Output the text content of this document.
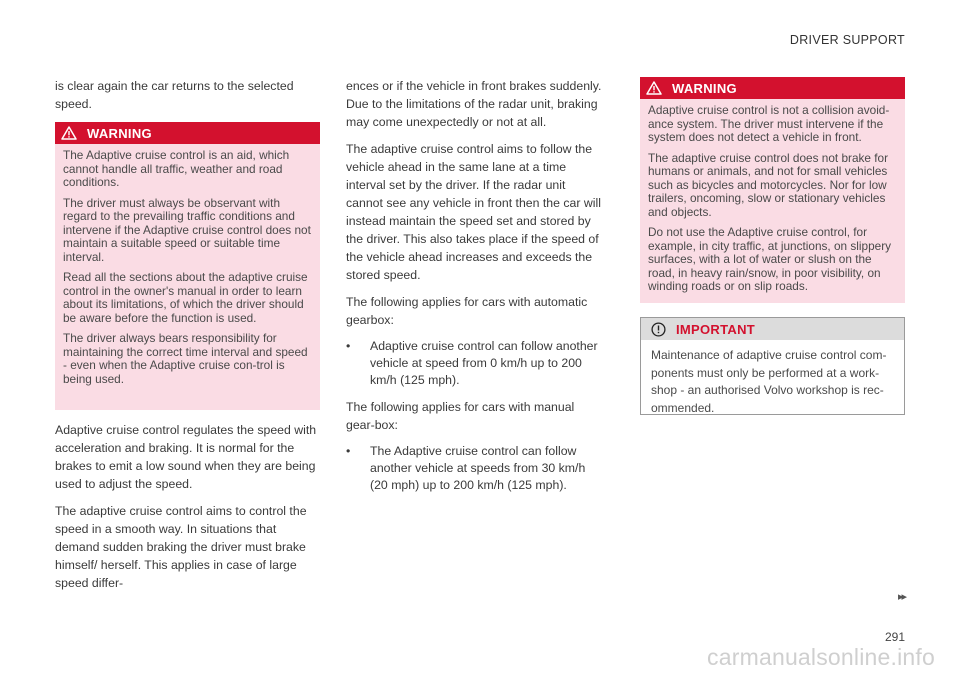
DRIVER SUPPORT

is clear again the car returns to the selected speed.

WARNING

The Adaptive cruise control is an aid, which cannot handle all traffic, weather and road conditions.

The driver must always be observant with regard to the prevailing traffic conditions and intervene if the Adaptive cruise control does not maintain a suitable speed or suitable time interval.

Read all the sections about the adaptive cruise control in the owner's manual in order to learn about its limitations, of which the driver should be aware before the function is used.

The driver always bears responsibility for maintaining the correct time interval and speed - even when the Adaptive cruise con-trol is being used.

Adaptive cruise control regulates the speed with acceleration and braking. It is normal for the brakes to emit a low sound when they are being used to adjust the speed.

The adaptive cruise control aims to control the speed in a smooth way. In situations that demand sudden braking the driver must brake himself/ herself. This applies in case of large speed differ-

ences or if the vehicle in front brakes suddenly. Due to the limitations of the radar unit, braking may come unexpectedly or not at all.

The adaptive cruise control aims to follow the vehicle ahead in the same lane at a time interval set by the driver. If the radar unit cannot see any vehicle in front then the car will instead maintain the speed set and stored by the driver. This also takes place if the speed of the vehicle ahead increases and exceeds the stored speed.

The following applies for cars with automatic gearbox:

•	Adaptive cruise control can follow another vehicle at speed from 0 km/h up to 200 km/h (125 mph).

The following applies for cars with manual gear-box:

•	The Adaptive cruise control can follow another vehicle at speeds from 30 km/h (20 mph) up to 200 km/h (125 mph).
WARNING

Adaptive cruise control is not a collision avoid-ance system. The driver must intervene if the system does not detect a vehicle in front.

The adaptive cruise control does not brake for humans or animals, and not for small vehicles such as bicycles and motorcycles. Nor for low trailers, oncoming, slow or stationary vehicles and objects.

Do not use the Adaptive cruise control, for example, in city traffic, at junctions, on slippery surfaces, with a lot of water or slush on the road, in heavy rain/snow, in poor visibility, on winding roads or on slip roads.

IMPORTANT

Maintenance of adaptive cruise control com-ponents must only be performed at a work-shop - an authorised Volvo workshop is rec-ommended.

▸▸
291
carmanualsonline.info
